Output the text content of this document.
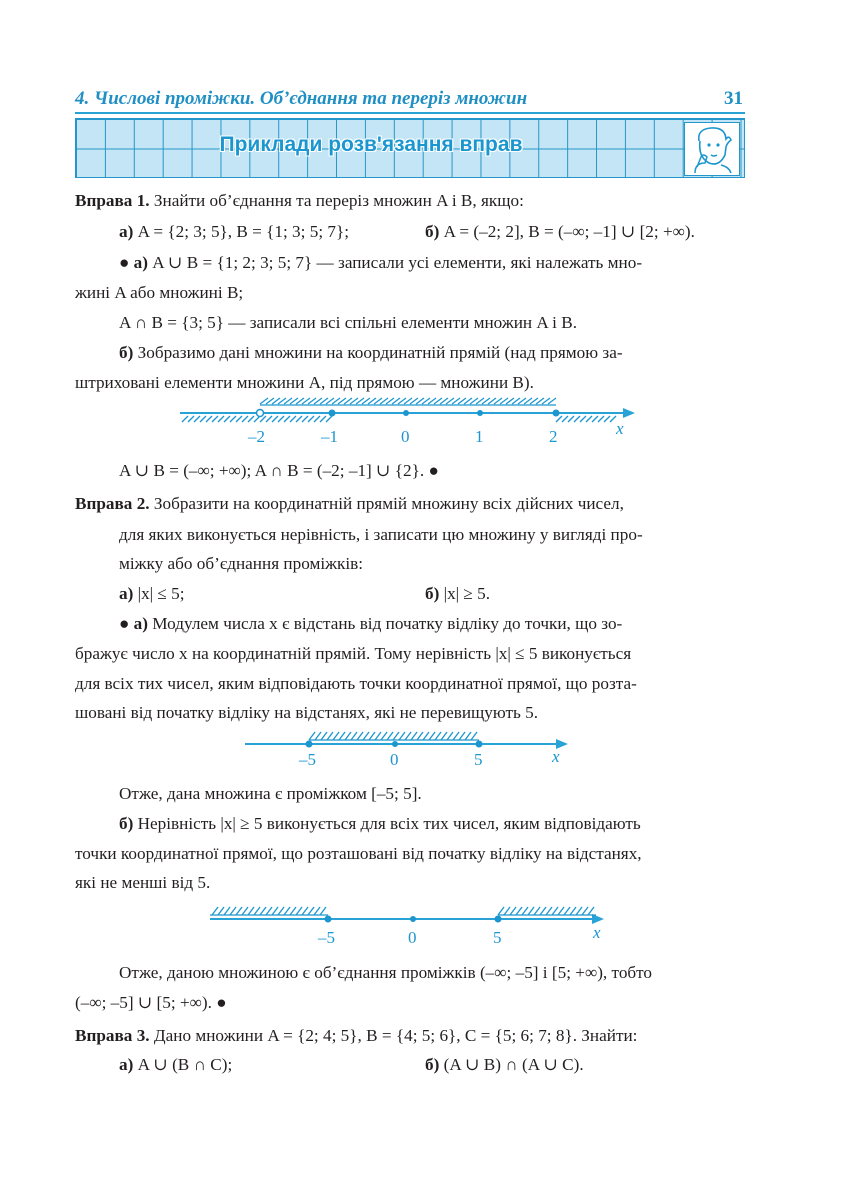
4. Числові проміжки. Об’єднання та переріз множин	31
Приклади розв'язання вправ
Вправа 1. Знайти об’єднання та переріз множин A і B, якщо:
а) A = {2; 3; 5}, B = {1; 3; 5; 7};	б) A = (–2; 2], B = (–∞; –1] ∪ [2; +∞).
● а) A ∪ B = {1; 2; 3; 5; 7} — записали усі елементи, які належать мно-
жині A або множині B;
A ∩ B = {3; 5} — записали всі спільні елементи множин A і B.
б) Зобразимо дані множини на координатній прямій (над прямою за-
штриховані елементи множини A, під прямою — множини B).
–2	–1	0	1	2	x
A ∪ B = (–∞; +∞); A ∩ B = (–2; –1] ∪ {2}. ●
Вправа 2. Зобразити на координатній прямій множину всіх дійсних чисел,
для яких виконується нерівність, і записати цю множину у вигляді про-
міжку або об’єднання проміжків:
а) |x| ≤ 5;	б) |x| ≥ 5.
● а) Модулем числа x є відстань від початку відліку до точки, що зо-
бражує число x на координатній прямій. Тому нерівність |x| ≤ 5 виконується
для всіх тих чисел, яким відповідають точки координатної прямої, що розта-
шовані від початку відліку на відстанях, які не перевищують 5.
–5	0	5	x
Отже, дана множина є проміжком [–5; 5].
б) Нерівність |x| ≥ 5 виконується для всіх тих чисел, яким відповідають
точки координатної прямої, що розташовані від початку відліку на відстанях,
які не менші від 5.
–5	0	5	x
Отже, даною множиною є об’єднання проміжків (–∞; –5] і [5; +∞), тобто
(–∞; –5] ∪ [5; +∞). ●
Вправа 3. Дано множини A = {2; 4; 5}, B = {4; 5; 6}, C = {5; 6; 7; 8}. Знайти:
а) A ∪ (B ∩ C);	б) (A ∪ B) ∩ (A ∪ C).
